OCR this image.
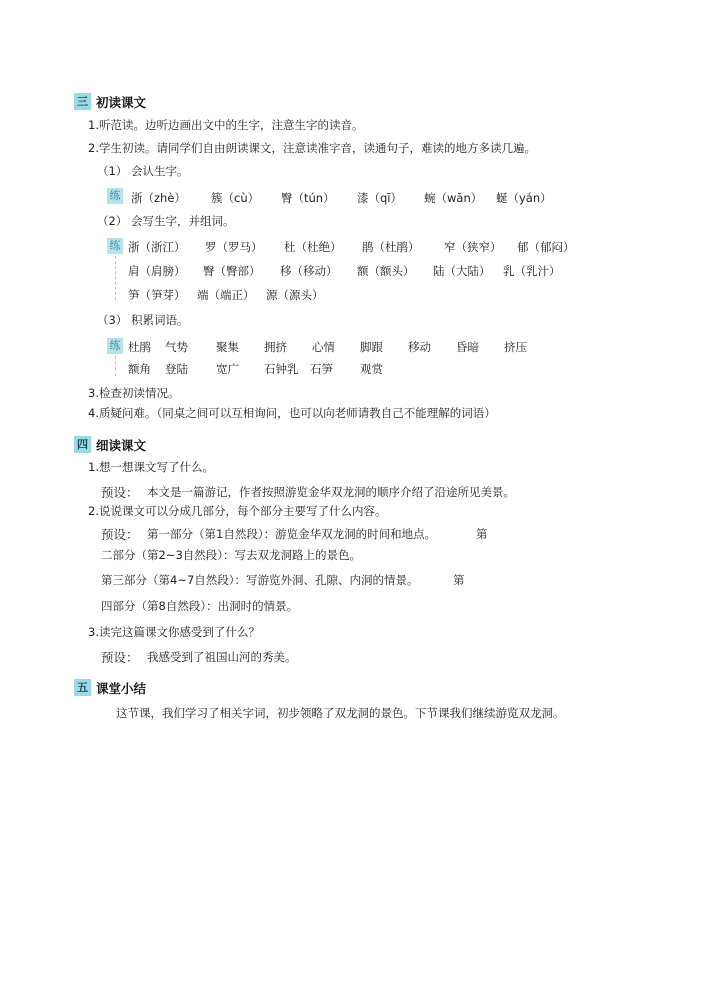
三 初读课文
1.听范读。边听边画出文中的生字，注意生字的读音。
2.学生初读。请同学们自由朗读课文，注意读准字音，读通句子，难读的地方多读几遍。
（1） 会认生字。
练 浙（zhè） 簇（cù） 臀（tún） 漆（qī） 蜿（wān） 蜒（yán）
（2） 会写生字，并组词。
练 浙（浙江） 罗（罗马） 杜（杜绝） 鹃（杜鹃） 窄（狭窄） 郁（郁闷）
肩（肩膀） 臀（臀部） 移（移动） 额（额头） 陆（大陆） 乳（乳汁）
笋（笋芽） 端（端正） 源（源头）
（3） 积累词语。
练 杜鹃 气势 聚集 拥挤 心情 脚跟 移动 昏暗 挤压
额角 登陆 宽广 石钟乳 石笋 观赏
3.检查初读情况。
4.质疑问难。（同桌之间可以互相询问，也可以向老师请教自己不能理解的词语）
四 细读课文
1.想一想课文写了什么。
预设： 本文是一篇游记，作者按照游览金华双龙洞的顺序介绍了沿途所见美景。
2.说说课文可以分成几部分，每个部分主要写了什么内容。
预设： 第一部分（第1自然段）：游览金华双龙洞的时间和地点。	第
二部分（第2~3自然段）：写去双龙洞路上的景色。
第三部分（第4~7自然段）：写游览外洞、孔隙、内洞的情景。	第
四部分（第8自然段）：出洞时的情景。
3.读完这篇课文你感受到了什么？
预设： 我感受到了祖国山河的秀美。
五 课堂小结
这节课，我们学习了相关字词，初步领略了双龙洞的景色。下节课我们继续游览双龙洞。
